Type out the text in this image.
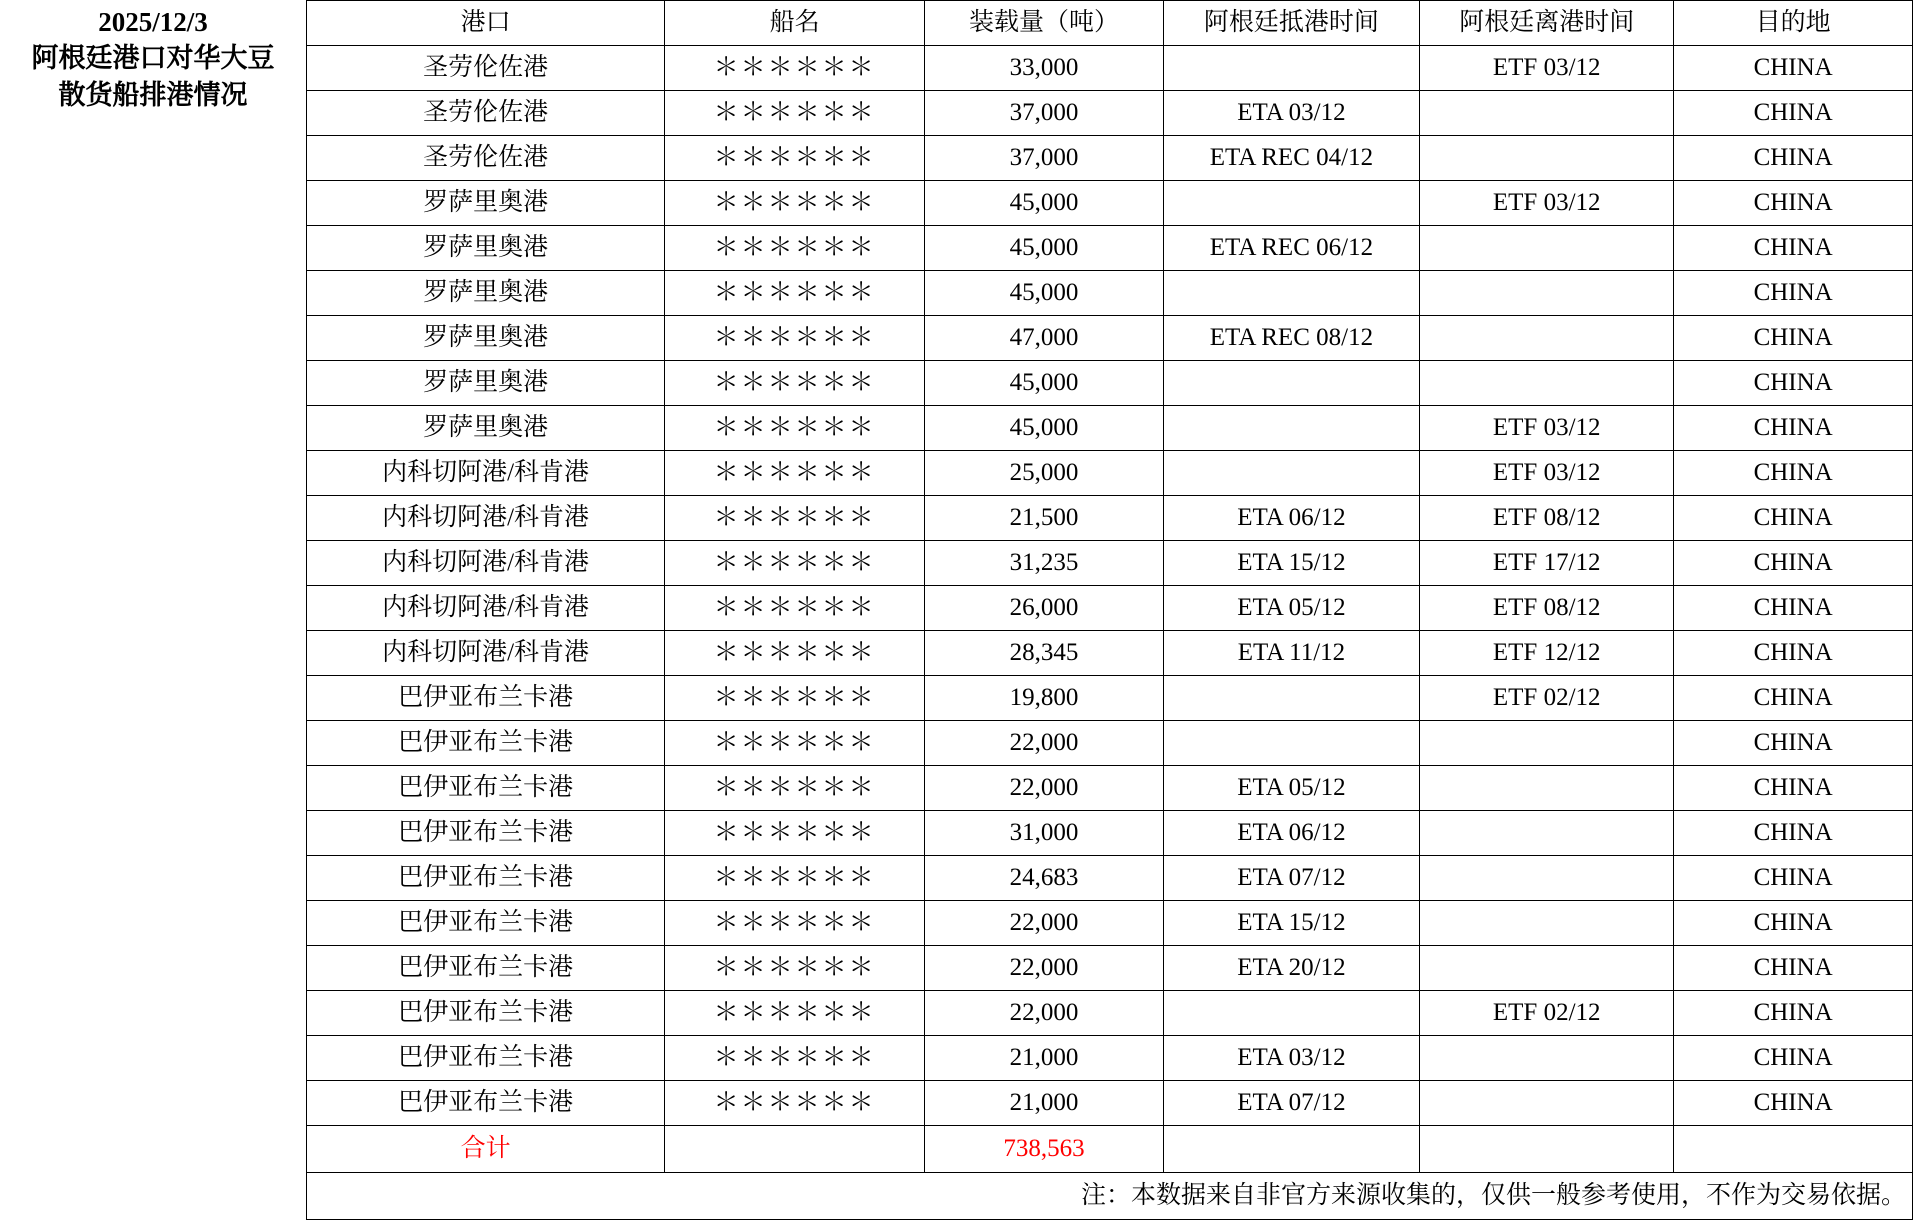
2025/12/3
阿根廷港口对华大豆
散货船排港情况
港口	船名	装载量（吨）	阿根廷抵港时间	阿根廷离港时间	目的地
圣劳伦佐港	＊＊＊＊＊＊	33,000		ETF 03/12	CHINA
圣劳伦佐港	＊＊＊＊＊＊	37,000	ETA 03/12		CHINA
圣劳伦佐港	＊＊＊＊＊＊	37,000	ETA REC 04/12		CHINA
罗萨里奥港	＊＊＊＊＊＊	45,000		ETF 03/12	CHINA
罗萨里奥港	＊＊＊＊＊＊	45,000	ETA REC 06/12		CHINA
罗萨里奥港	＊＊＊＊＊＊	45,000			CHINA
罗萨里奥港	＊＊＊＊＊＊	47,000	ETA REC 08/12		CHINA
罗萨里奥港	＊＊＊＊＊＊	45,000			CHINA
罗萨里奥港	＊＊＊＊＊＊	45,000		ETF 03/12	CHINA
内科切阿港/科肯港	＊＊＊＊＊＊	25,000		ETF 03/12	CHINA
内科切阿港/科肯港	＊＊＊＊＊＊	21,500	ETA 06/12	ETF 08/12	CHINA
内科切阿港/科肯港	＊＊＊＊＊＊	31,235	ETA 15/12	ETF 17/12	CHINA
内科切阿港/科肯港	＊＊＊＊＊＊	26,000	ETA 05/12	ETF 08/12	CHINA
内科切阿港/科肯港	＊＊＊＊＊＊	28,345	ETA 11/12	ETF 12/12	CHINA
巴伊亚布兰卡港	＊＊＊＊＊＊	19,800		ETF 02/12	CHINA
巴伊亚布兰卡港	＊＊＊＊＊＊	22,000			CHINA
巴伊亚布兰卡港	＊＊＊＊＊＊	22,000	ETA 05/12		CHINA
巴伊亚布兰卡港	＊＊＊＊＊＊	31,000	ETA 06/12		CHINA
巴伊亚布兰卡港	＊＊＊＊＊＊	24,683	ETA 07/12		CHINA
巴伊亚布兰卡港	＊＊＊＊＊＊	22,000	ETA 15/12		CHINA
巴伊亚布兰卡港	＊＊＊＊＊＊	22,000	ETA 20/12		CHINA
巴伊亚布兰卡港	＊＊＊＊＊＊	22,000		ETF 02/12	CHINA
巴伊亚布兰卡港	＊＊＊＊＊＊	21,000	ETA 03/12		CHINA
巴伊亚布兰卡港	＊＊＊＊＊＊	21,000	ETA 07/12		CHINA
合计		738,563			
注：本数据来自非官方来源收集的，仅供一般参考使用，不作为交易依据。					
